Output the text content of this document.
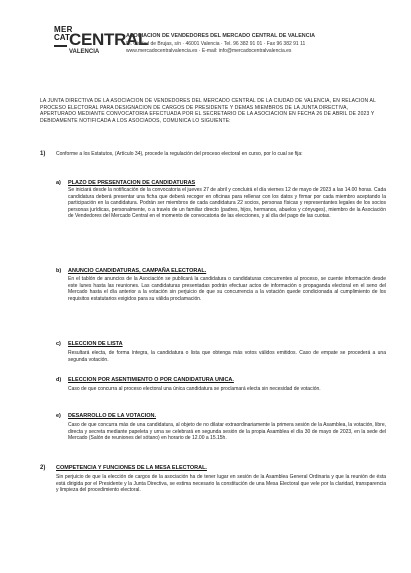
MER
CAT CENTRAL
VALENCIA
ASOCIACION DE VENDEDORES DEL MERCADO CENTRAL DE VALENCIA
Pl. Ciudad de Brujas, s/n · 46001 Valencia · Tel. 96 382 91 01 · Fax 96 382 91 11
www.mercadocentralvalencia.es · E-mail: info@mercadocentralvalencia.es
LA JUNTA DIRECTIVA DE LA ASOCIACION DE VENDEDORES DEL MERCADO CENTRAL DE LA CIUDAD DE VALENCIA, EN RELACION AL PROCESO ELECTORAL PARA DESIGNACION DE CARGOS DE PRESIDENTE Y DEMAS MIEMBROS DE LA JUNTA DIRECTIVA, APERTURADO MEDIANTE CONVOCATORIA EFECTUADA POR EL SECRETARIO DE LA ASOCIACION EN FECHA 26 DE ABRIL DE 2023 Y DEBIDAMENTE NOTIFICADA A LOS ASOCIADOS, COMUNICA LO SIGUIENTE:
1) Conforme a los Estatutos, (Artículo 34), procede la regulación del proceso electoral en curso, por lo cual se fija:
a) PLAZO DE PRESENTACION DE CANDIDATURAS
Se iniciará desde la notificación de la convocatoria el jueves 27 de abril y concluirá el día viernes 12 de mayo de 2023 a las 14.00 horas. Cada candidatura deberá presentar una ficha que deberá recoger en oficinas para rellenar con los datos y firmar por cada miembro aceptando la participación en la candidatura. Podrán ser miembros de cada candidatura 22 socios, personas físicas y representantes legales de los socios personas jurídicas, personalmente, o a través de un familiar directo (padres, hijos, hermanos, abuelos y cónyuges), miembro de la Asociación de Vendedores del Mercado Central en el momento de convocatoria de las elecciones, y al día del pago de las cuotas.
b) ANUNCIO CANDIDATURAS, CAMPAÑA ELECTORAL.
En el tablón de anuncios de la Asociación se publicará la candidatura o candidaturas concurrentes al proceso, se cuente información desde este lunes hasta las reuniones. Las candidaturas presentadas podrán efectuar actos de información o propaganda electoral en el seno del Mercado hasta el día anterior a la votación sin perjuicio de que su concurrencia a la votación quede condicionada al cumplimiento de los requisitos estatutarios exigidos para su válida proclamación.
c) ELECCION DE LISTA
Resultará electa, de forma íntegra, la candidatura o lista que obtenga más votos válidos emitidos. Caso de empate se procederá a una segunda votación.
d) ELECCION POR ASENTIMIENTO O POR CANDIDATURA UNICA.
Caso de que concurra al proceso electoral una única candidatura se proclamará electa sin necesidad de votación.
e) DESARROLLO DE LA VOTACION.
Caso de que concurra más de una candidatura, al objeto de no dilatar extraordinariamente la primera sesión de la Asamblea, la votación, libre, directa y secreta mediante papeleta y urna se celebrará en segunda sesión de la propia Asamblea el día 30 de mayo de 2023, en la sede del Mercado (Salón de reuniones del sótano) en horario de 12.00 a 15.15h.
2) COMPETENCIA Y FUNCIONES DE LA MESA ELECTORAL.
Sin perjuicio de que la elección de cargos de la asociación ha de tener lugar en sesión de la Asamblea General Ordinaria y que la reunión de ésta está dirigida por el Presidente y la Junta Directiva, se estima necesario la constitución de una Mesa Electoral que vele por la claridad, transparencia y limpieza del procedimiento electoral.
